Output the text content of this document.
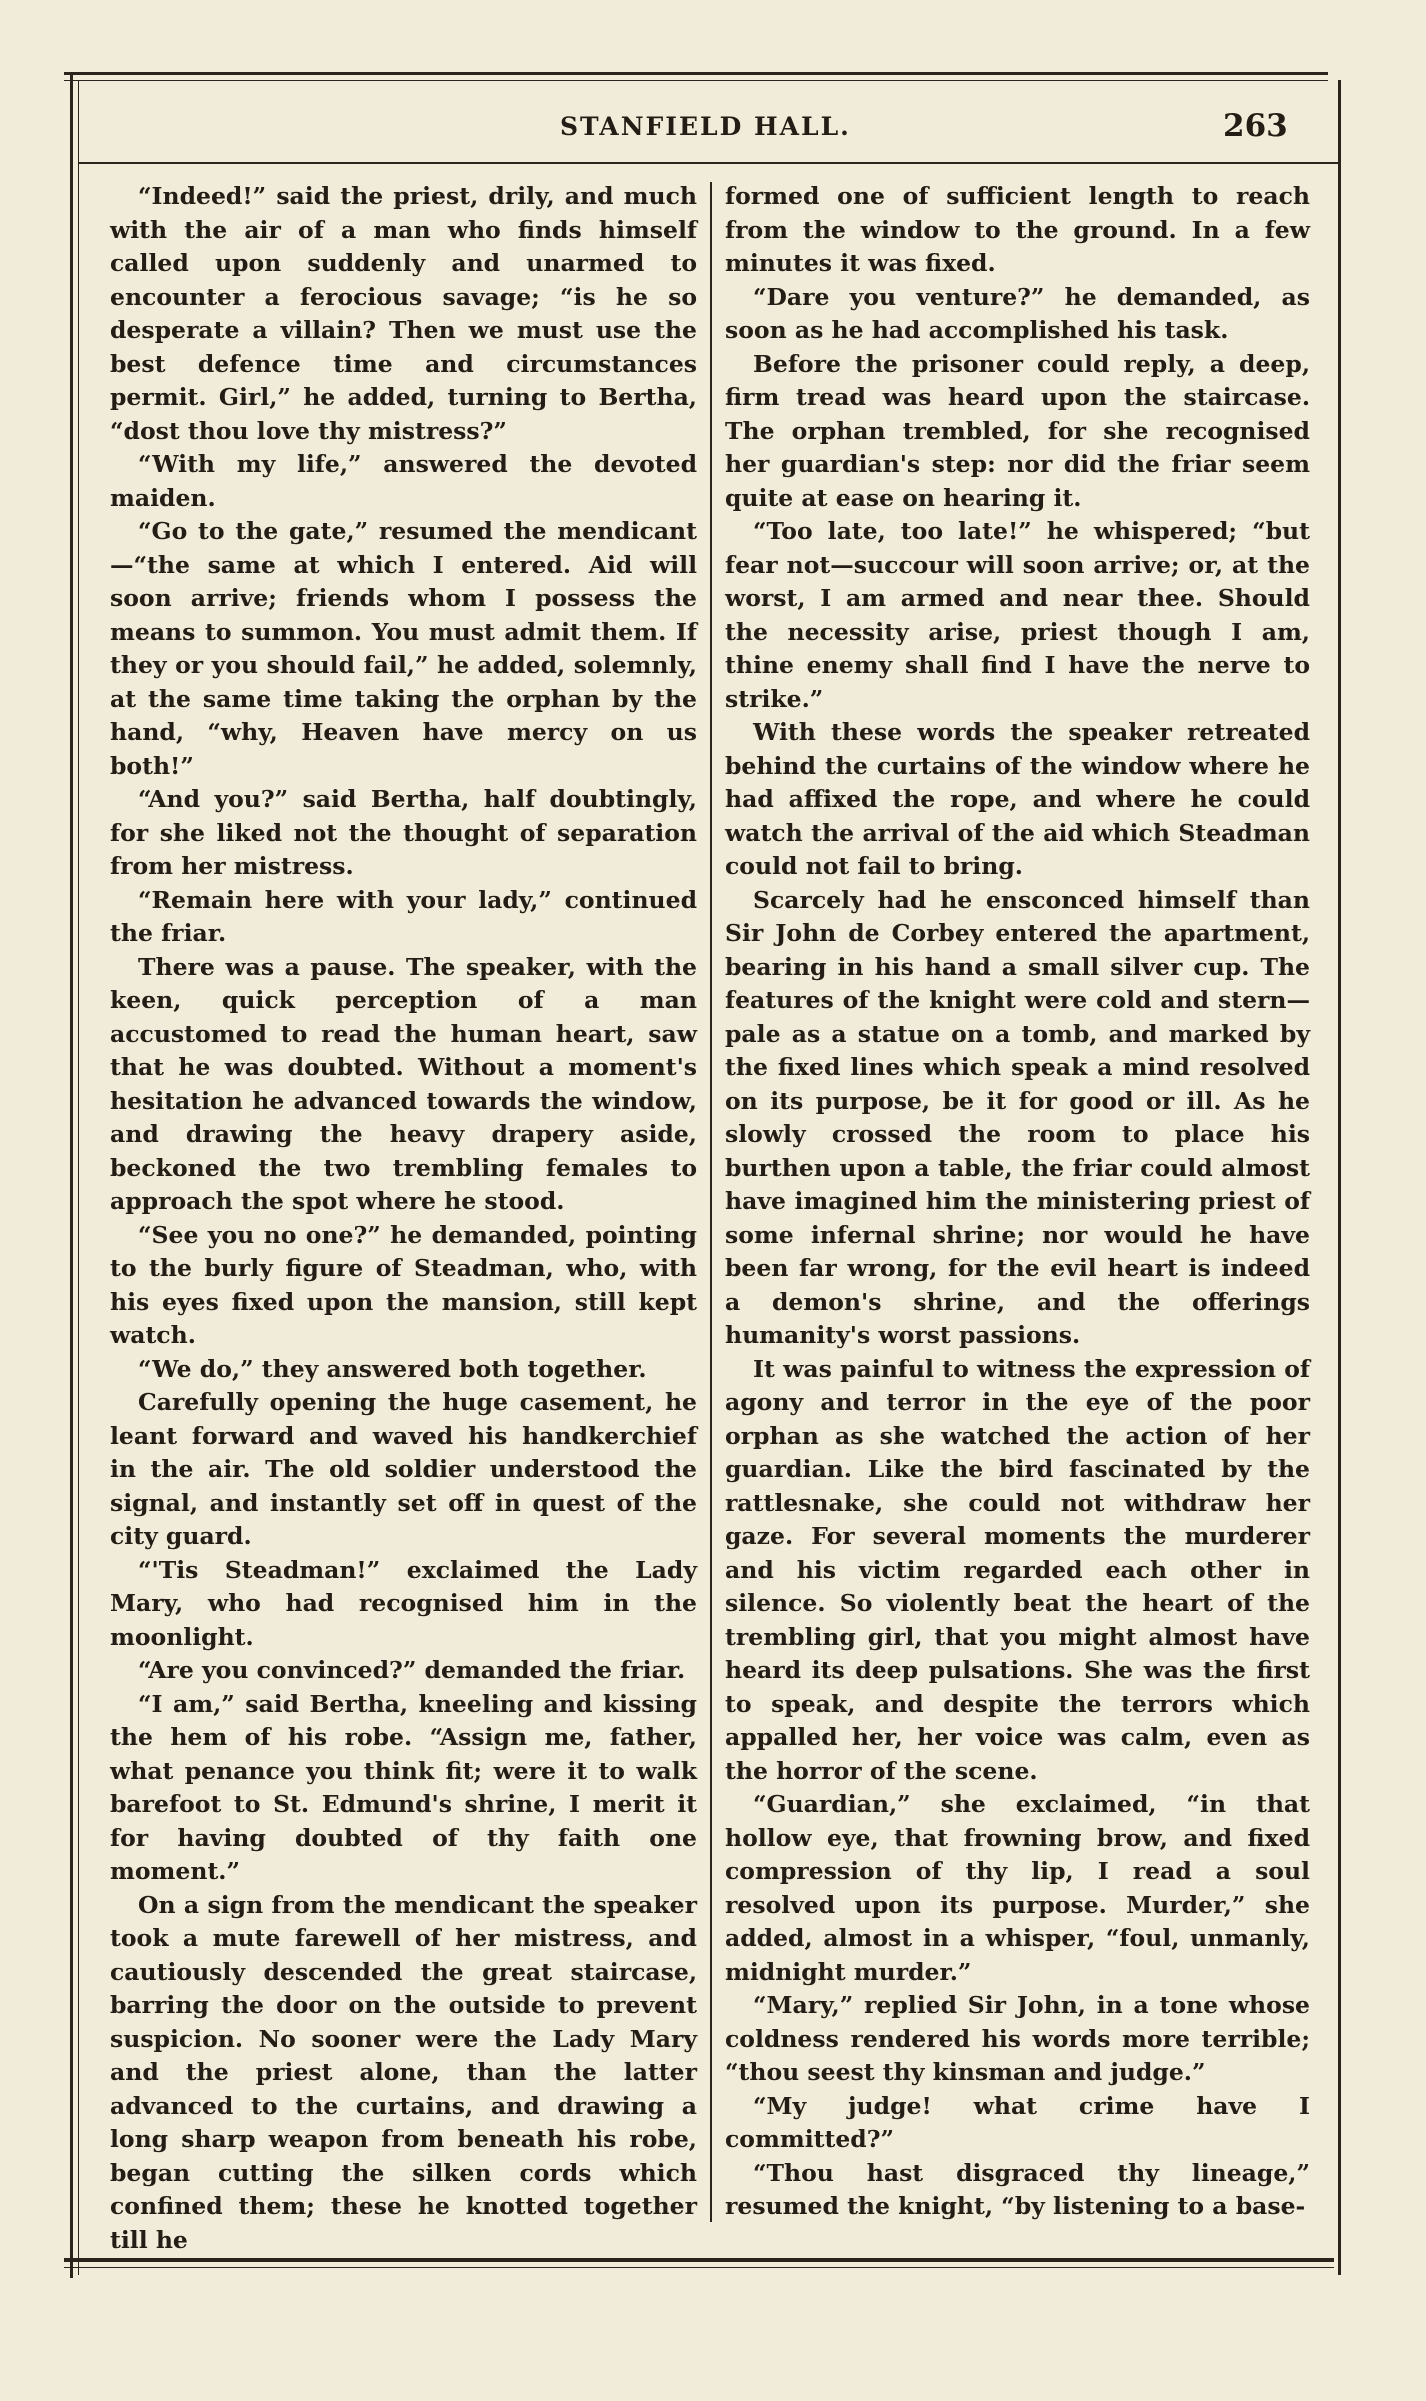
STANFIELD HALL.	263

“Indeed!” said the priest, drily, and much with the air of a man who finds himself called upon suddenly and unarmed to encounter a ferocious savage; “is he so desperate a villain? Then we must use the best defence time and circumstances permit. Girl,” he added, turning to Bertha, “dost thou love thy mistress?”

“With my life,” answered the devoted maiden.

“Go to the gate,” resumed the mendicant—“the same at which I entered. Aid will soon arrive; friends whom I possess the means to summon. You must admit them. If they or you should fail,” he added, solemnly, at the same time taking the orphan by the hand, “why, Heaven have mercy on us both!”

“And you?” said Bertha, half doubtingly, for she liked not the thought of separation from her mistress.

“Remain here with your lady,” continued the friar.

There was a pause. The speaker, with the keen, quick perception of a man accustomed to read the human heart, saw that he was doubted. Without a moment's hesitation he advanced towards the window, and drawing the heavy drapery aside, beckoned the two trembling females to approach the spot where he stood.

“See you no one?” he demanded, pointing to the burly figure of Steadman, who, with his eyes fixed upon the mansion, still kept watch.

“We do,” they answered both together.

Carefully opening the huge casement, he leant forward and waved his handkerchief in the air. The old soldier understood the signal, and instantly set off in quest of the city guard.

“'Tis Steadman!” exclaimed the Lady Mary, who had recognised him in the moonlight.

“Are you convinced?” demanded the friar.

“I am,” said Bertha, kneeling and kissing the hem of his robe. “Assign me, father, what penance you think fit; were it to walk barefoot to St. Edmund's shrine, I merit it for having doubted of thy faith one moment.”

On a sign from the mendicant the speaker took a mute farewell of her mistress, and cautiously descended the great staircase, barring the door on the outside to prevent suspicion. No sooner were the Lady Mary and the priest alone, than the latter advanced to the curtains, and drawing a long sharp weapon from beneath his robe, began cutting the silken cords which confined them; these he knotted together till he

formed one of sufficient length to reach from the window to the ground. In a few minutes it was fixed.

“Dare you venture?” he demanded, as soon as he had accomplished his task.

Before the prisoner could reply, a deep, firm tread was heard upon the staircase. The orphan trembled, for she recognised her guardian's step: nor did the friar seem quite at ease on hearing it.

“Too late, too late!” he whispered; “but fear not—succour will soon arrive; or, at the worst, I am armed and near thee. Should the necessity arise, priest though I am, thine enemy shall find I have the nerve to strike.”

With these words the speaker retreated behind the curtains of the window where he had affixed the rope, and where he could watch the arrival of the aid which Steadman could not fail to bring.

Scarcely had he ensconced himself than Sir John de Corbey entered the apartment, bearing in his hand a small silver cup. The features of the knight were cold and stern—pale as a statue on a tomb, and marked by the fixed lines which speak a mind resolved on its purpose, be it for good or ill. As he slowly crossed the room to place his burthen upon a table, the friar could almost have imagined him the ministering priest of some infernal shrine; nor would he have been far wrong, for the evil heart is indeed a demon's shrine, and the offerings humanity's worst passions.

It was painful to witness the expression of agony and terror in the eye of the poor orphan as she watched the action of her guardian. Like the bird fascinated by the rattlesnake, she could not withdraw her gaze. For several moments the murderer and his victim regarded each other in silence. So violently beat the heart of the trembling girl, that you might almost have heard its deep pulsations. She was the first to speak, and despite the terrors which appalled her, her voice was calm, even as the horror of the scene.

“Guardian,” she exclaimed, “in that hollow eye, that frowning brow, and fixed compression of thy lip, I read a soul resolved upon its purpose. Murder,” she added, almost in a whisper, “foul, unmanly, midnight murder.”

“Mary,” replied Sir John, in a tone whose coldness rendered his words more terrible; “thou seest thy kinsman and judge.”

“My judge! what crime have I committed?”

“Thou hast disgraced thy lineage,” resumed the knight, “by listening to a base-
